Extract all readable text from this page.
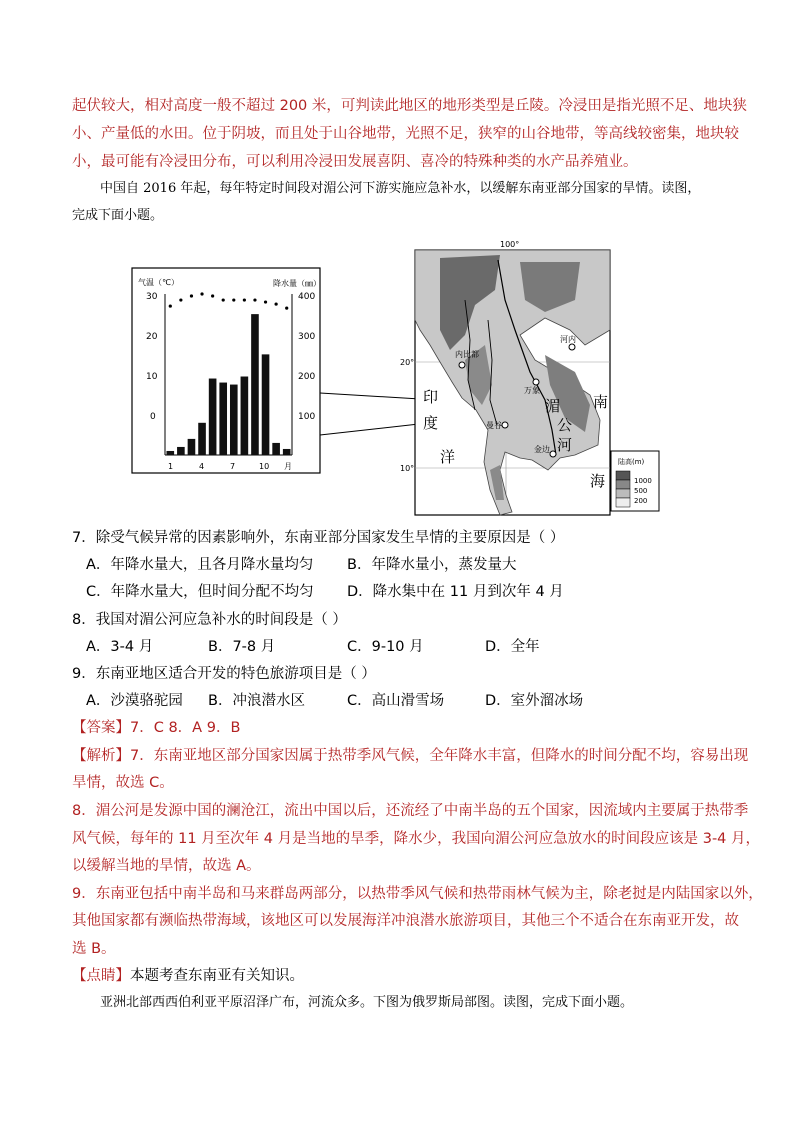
起伏较大，相对高度一般不超过 200 米，可判读此地区的地形类型是丘陵。冷浸田是指光照不足、地块狭
小、产量低的水田。位于阴坡，而且处于山谷地带，光照不足，狭窄的山谷地带，等高线较密集，地块较
小，最可能有冷浸田分布，可以利用冷浸田发展喜阴、喜冷的特殊种类的水产品养殖业。
中国自 2016 年起，每年特定时间段对湄公河下游实施应急补水，以缓解东南亚部分国家的旱情。读图，
完成下面小题。
气温（℃）	降水量（㎜）
30
20
10
0
400
300
200
100
1	4	7	10 月
100°
20°
10°
河内
内比都
万象
曼谷
金边
印
度
洋
南
海
湄
公
河
陆高(m)
1000
500
200
7．除受气候异常的因素影响外，东南亚部分国家发生旱情的主要原因是（ ）
A．年降水量大，且各月降水量均匀 B．年降水量小，蒸发量大
C．年降水量大，但时间分配不均匀 D．降水集中在 11 月到次年 4 月
8．我国对湄公河应急补水的时间段是（ ）
A．3-4 月	B．7-8 月	C．9-10 月	D．全年
9．东南亚地区适合开发的特色旅游项目是（ ）
A．沙漠骆驼园 B．冲浪潜水区	C．高山滑雪场	D．室外溜冰场
【答案】7．C 8．A 9．B
【解析】7．东南亚地区部分国家因属于热带季风气候，全年降水丰富，但降水的时间分配不均，容易出现
旱情，故选 C。
8．湄公河是发源中国的澜沧江，流出中国以后，还流经了中南半岛的五个国家，因流域内主要属于热带季
风气候，每年的 11 月至次年 4 月是当地的旱季，降水少，我国向湄公河应急放水的时间段应该是 3-4 月，
以缓解当地的旱情，故选 A。
9．东南亚包括中南半岛和马来群岛两部分，以热带季风气候和热带雨林气候为主，除老挝是内陆国家以外，
其他国家都有濒临热带海域，该地区可以发展海洋冲浪潜水旅游项目，其他三个不适合在东南亚开发，故
选 B。
【点睛】本题考查东南亚有关知识。
亚洲北部西西伯利亚平原沼泽广布，河流众多。下图为俄罗斯局部图。读图，完成下面小题。
